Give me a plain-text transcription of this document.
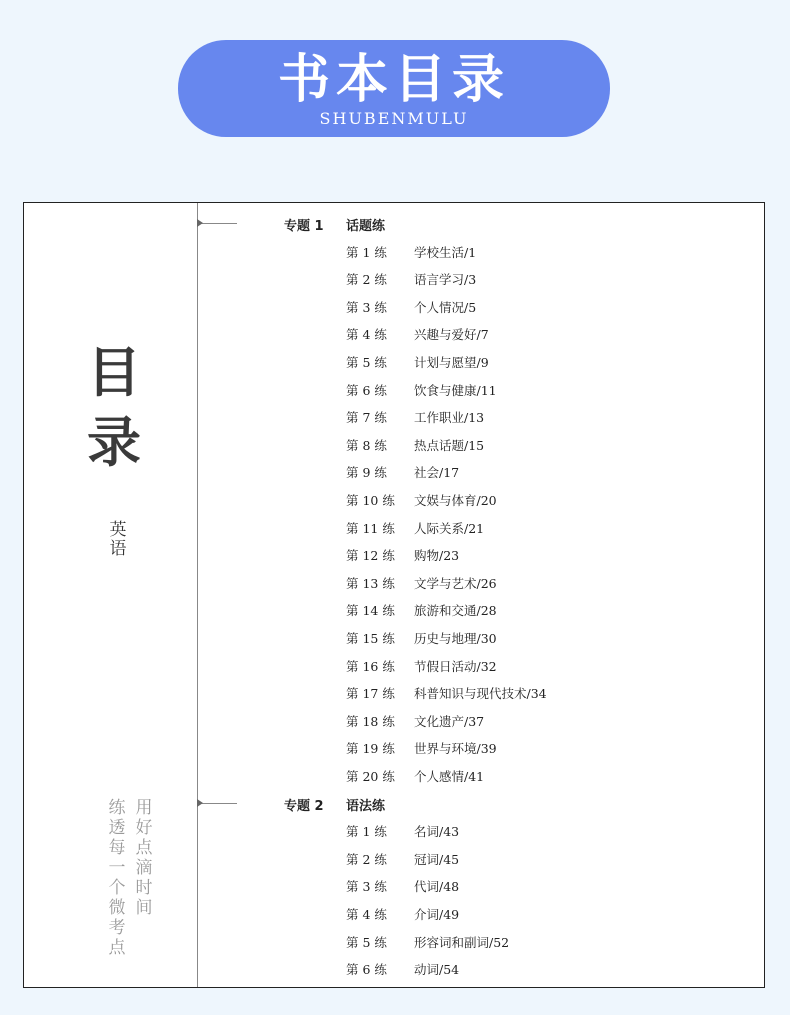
书本目录
SHUBENMULU
目
录
英
语
练
透
每
一
个
微
考
点
用
好
点
滴
时
间
专题 1 话题练
第 1 练 学校生活/1
第 2 练 语言学习/3
第 3 练 个人情况/5
第 4 练 兴趣与爱好/7
第 5 练 计划与愿望/9
第 6 练 饮食与健康/11
第 7 练 工作职业/13
第 8 练 热点话题/15
第 9 练 社会/17
第 10 练 文娱与体育/20
第 11 练 人际关系/21
第 12 练 购物/23
第 13 练 文学与艺术/26
第 14 练 旅游和交通/28
第 15 练 历史与地理/30
第 16 练 节假日活动/32
第 17 练 科普知识与现代技术/34
第 18 练 文化遗产/37
第 19 练 世界与环境/39
第 20 练 个人感情/41
专题 2 语法练
第 1 练 名词/43
第 2 练 冠词/45
第 3 练 代词/48
第 4 练 介词/49
第 5 练 形容词和副词/52
第 6 练 动词/54
